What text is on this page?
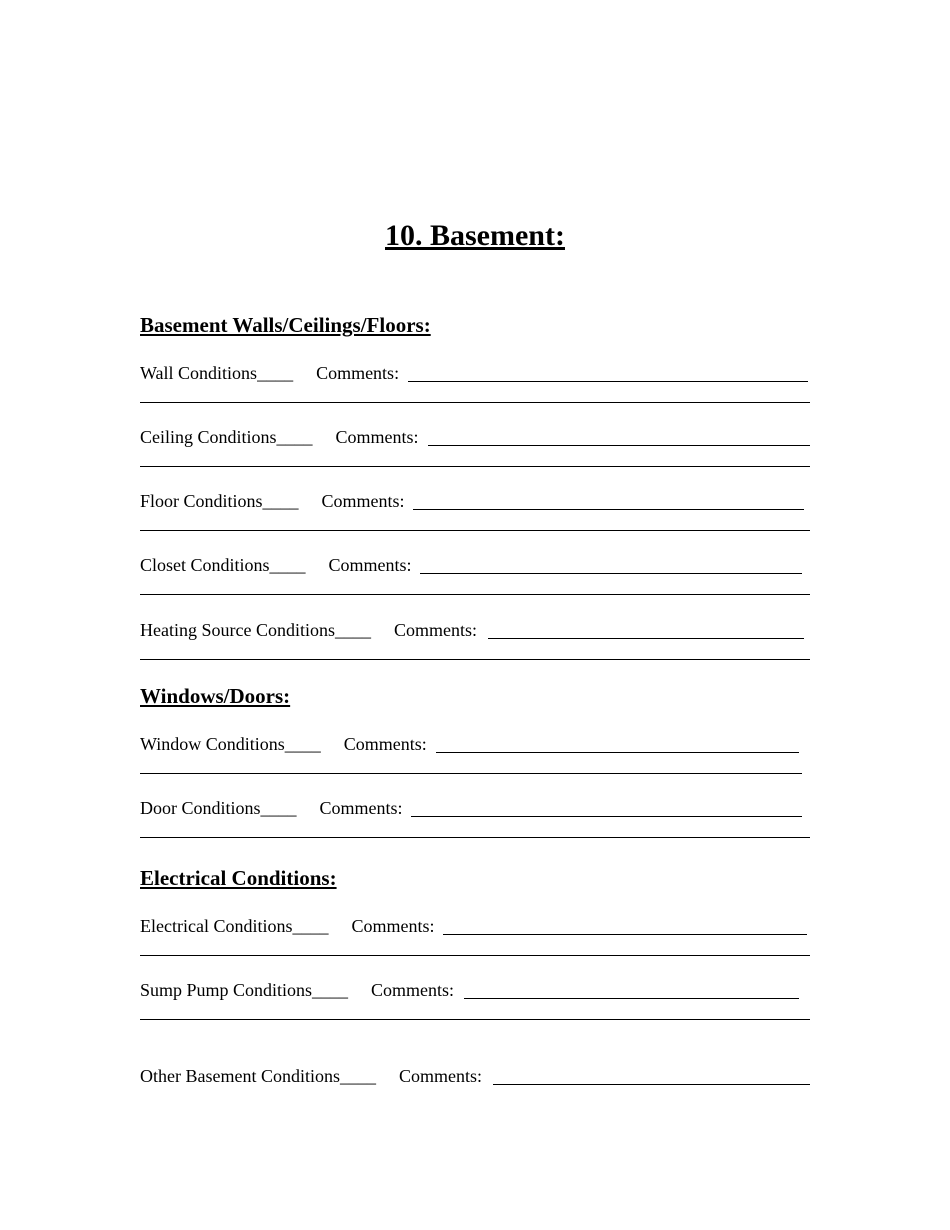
10. Basement:
Basement Walls/Ceilings/Floors:
Wall Conditions____ Comments:
Ceiling Conditions____ Comments:
Floor Conditions____ Comments:
Closet Conditions____ Comments:
Heating Source Conditions____ Comments:
Windows/Doors:
Window Conditions____ Comments:
Door Conditions____ Comments:
Electrical Conditions:
Electrical Conditions____ Comments:
Sump Pump Conditions____ Comments:
Other Basement Conditions____ Comments:
